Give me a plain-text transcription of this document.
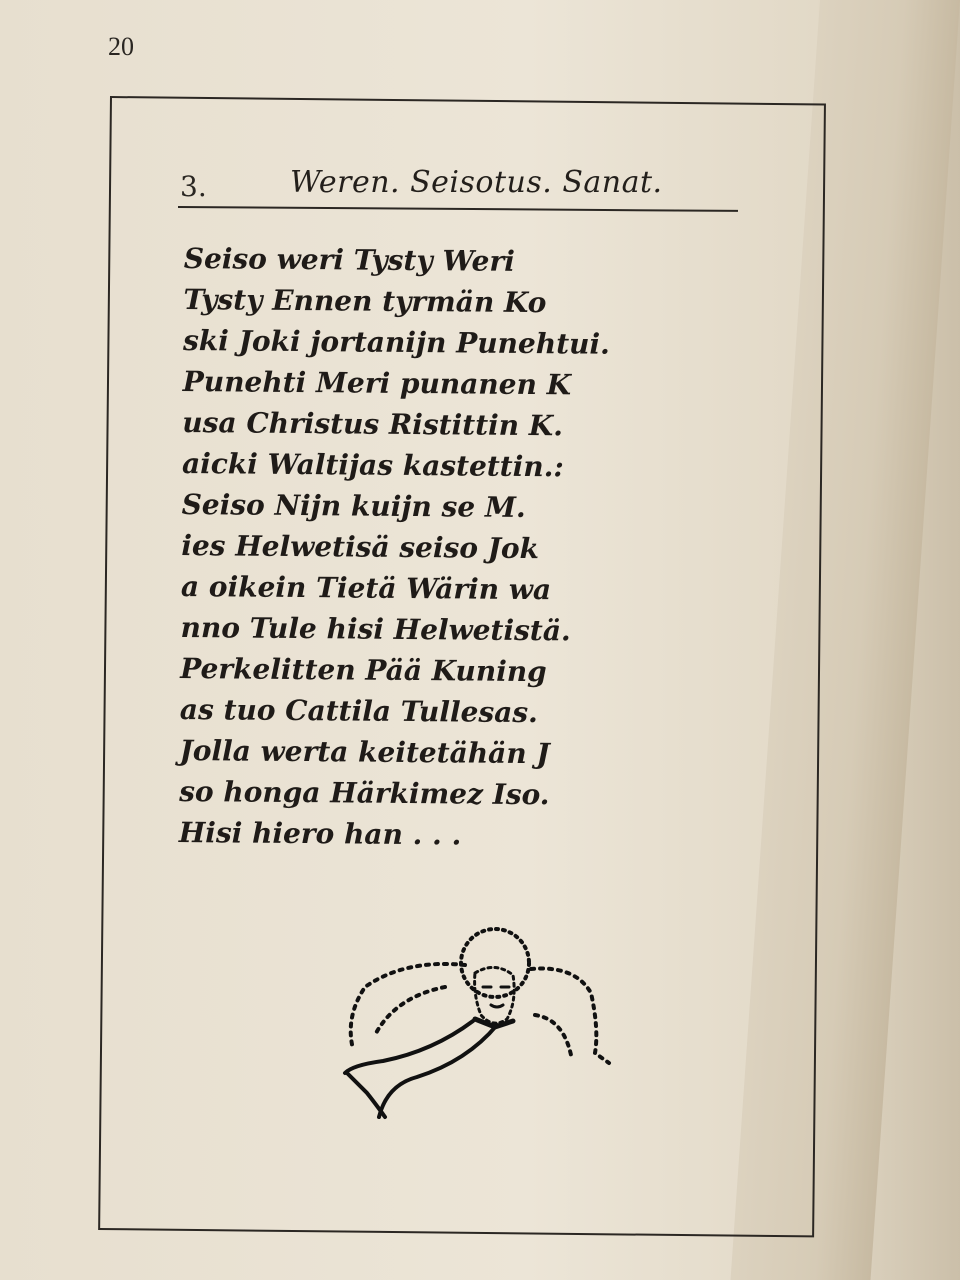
20
3.	Weren. Seisotus. Sanat.
Seiso weri Tysty Weri
Tysty Ennen tyrmän Ko
ski Joki jortanijn Punehtui.
Punehti Meri punanen K
usa Christus Ristittin K.
aicki Waltijas kastettin.:
Seiso Nijn kuijn se M.
ies Helwetisä seiso Jok
a oikein Tietä Wärin wa
nno Tule hisi Helwetistä.
Perkelitten Pää Kuning
as tuo Cattila Tullesas.
Jolla werta keitetähän J
so honga Härkimez Iso.
Hisi hiero han . . .
